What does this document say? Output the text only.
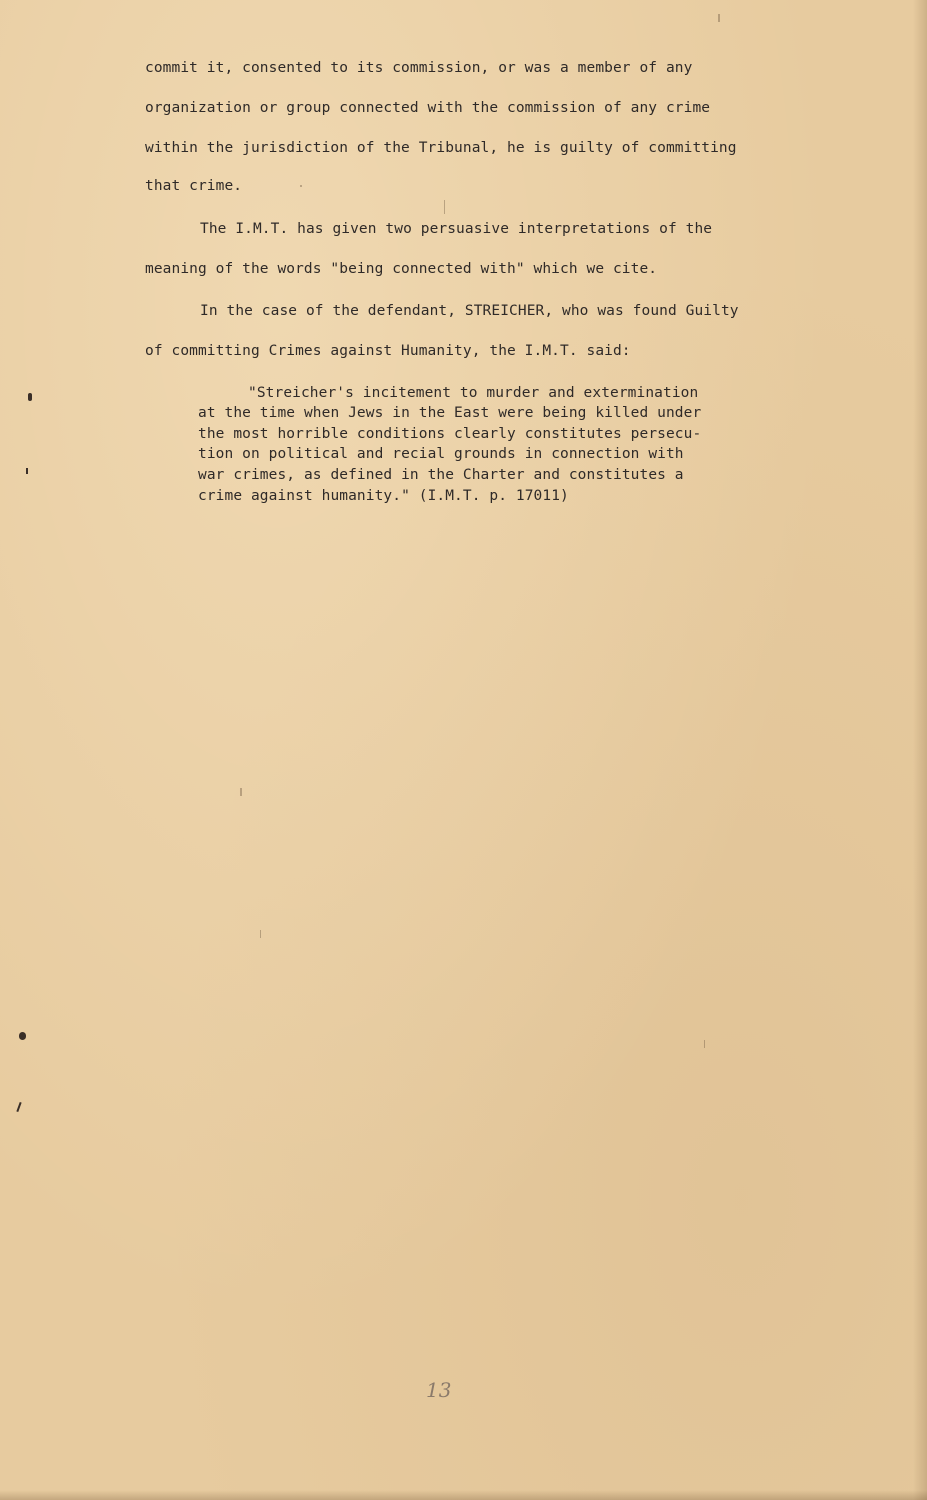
commit it, consented to its commission, or was a member of any
organization or group connected with the commission of any crime
within the jurisdiction of the Tribunal, he is guilty of committing
that crime.
The I.M.T. has given two persuasive interpretations of the
meaning of the words "being connected with" which we cite.
In the case of the defendant, STREICHER, who was found Guilty
of committing Crimes against Humanity, the I.M.T. said:
"Streicher's incitement to murder and extermination
at the time when Jews in the East were being killed under
the most horrible conditions clearly constitutes persecu-
tion on political and recial grounds in connection with
war crimes, as defined in the Charter and constitutes a
crime against humanity." (I.M.T. p. 17011)
13
